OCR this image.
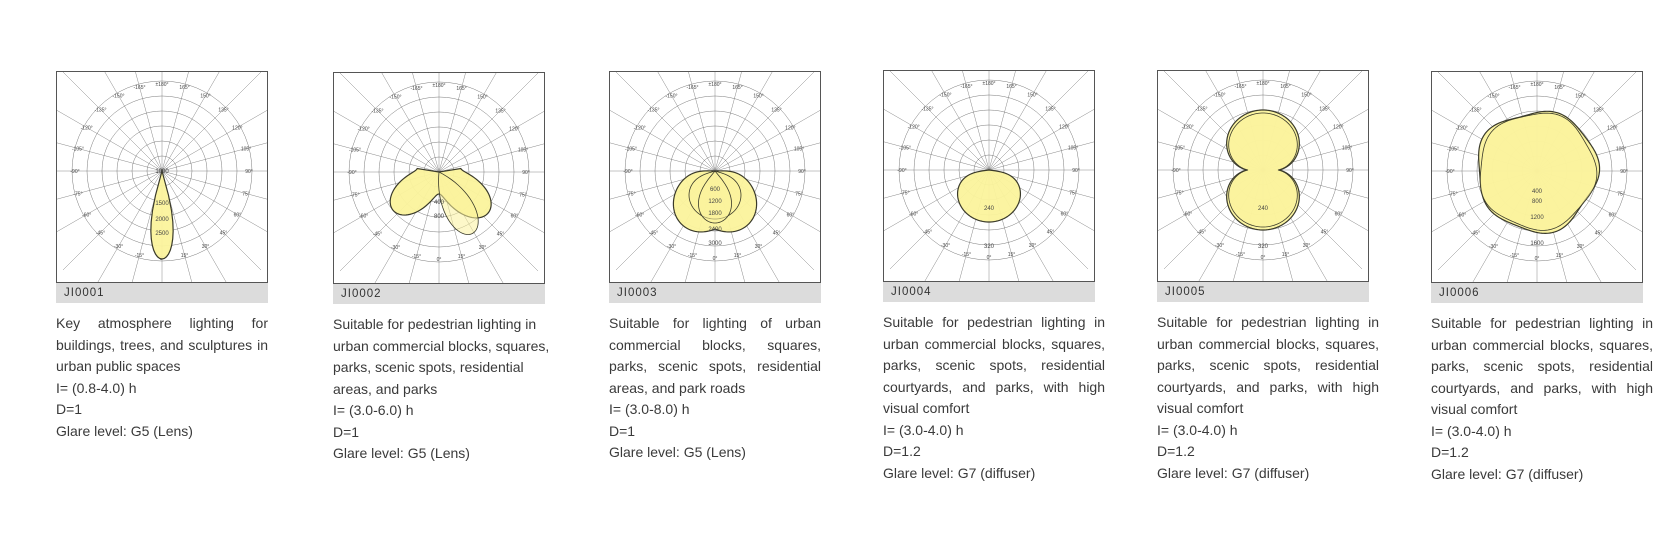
±180° 165°
150°
135°
120°
105°
90°
75°
60°
45°
30°
15°
-15°
-30°
-45°
-60°
-75°
-90°
-105°
-120°
-135°
-150°
-165°
1000
1500
2000
2500
JI0001
Key atmosphere lighting for buildings, trees, and sculptures in urban public spaces
I= (0.8-4.0) h
D=1
Glare level: G5 (Lens)
±180° 165°
150°
135°
120°
105°
90°
75°
60°
45°
30°
15°
0°
-15°
-30°
-45°
-60°
-75°
-90°
-105°
-120°
-135°
-150°
-165°
400
800
JI0002
Suitable for pedestrian lighting in urban commercial blocks, squares, parks, scenic spots, residential areas, and parks
I= (3.0-6.0) h
D=1
Glare level: G5 (Lens)
±180° 165°
150°
135°
120°
105°
90°
75°
60°
45°
30°
15°
0°
-15°
-30°
-45°
-60°
-75°
-90°
-105°
-120°
-135°
-150°
-165°
600
1200
1800
2400
3000
JI0003
Suitable for lighting of urban commercial blocks, squares, parks, scenic spots, residential areas, and park roads
I= (3.0-8.0) h
D=1
Glare level: G5 (Lens)
±180° 165°
150°
135°
120°
105°
90°
75°
60°
45°
30°
15°
0°
-15°
-30°
-45°
-60°
-75°
-90°
-105°
-120°
-135°
-150°
-165°
240
320
JI0004
Suitable for pedestrian lighting in urban commercial blocks, squares, parks, scenic spots, residential courtyards, and parks, with high visual comfort
I= (3.0-4.0) h
D=1.2
Glare level: G7 (diffuser)
±180° 165°
150°
135°
120°
105°
90°
75°
60°
45°
30°
15°
0°
-15°
-30°
-45°
-60°
-75°
-90°
-105°
-120°
-135°
-150°
-165°
240
320
JI0005
Suitable for pedestrian lighting in urban commercial blocks, squares, parks, scenic spots, residential courtyards, and parks, with high visual comfort
I= (3.0-4.0) h
D=1.2
Glare level: G7 (diffuser)
±180° 165°
150°
135°
120°
105°
90°
75°
60°
45°
30°
15°
0°
-15°
-30°
-45°
-60°
-75°
-90°
-105°
-120°
-135°
-150°
-165°
400
800
1200
1600
JI0006
Suitable for pedestrian lighting in urban commercial blocks, squares, parks, scenic spots, residential courtyards, and parks, with high visual comfort
I= (3.0-4.0) h
D=1.2
Glare level: G7 (diffuser)
